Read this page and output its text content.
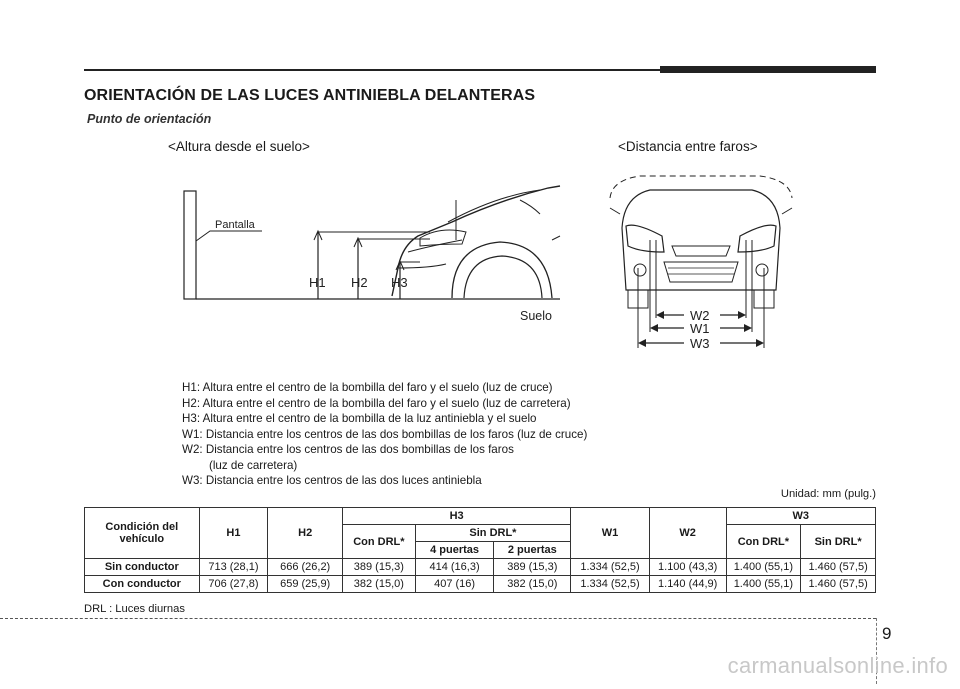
ORIENTACIÓN DE LAS LUCES ANTINIEBLA DELANTERAS
Punto de orientación
<Altura desde el suelo>	<Distancia entre faros>
Pantalla
H1 H2 H3
Suelo	W2
W1
W3
H1: Altura entre el centro de la bombilla del faro y el suelo (luz de cruce)
H2: Altura entre el centro de la bombilla del faro y el suelo (luz de carretera)
H3: Altura entre el centro de la bombilla de la luz antiniebla y el suelo
W1: Distancia entre los centros de las dos bombillas de los faros (luz de cruce)
W2: Distancia entre los centros de las dos bombillas de los faros
(luz de carretera)
W3: Distancia entre los centros de las dos luces antiniebla
Unidad: mm (pulg.)
Condición del vehículo	H1	H2	H3			W1	W2	W3	
			Con DRL*	Sin DRL*				Con DRL*	Sin DRL*
				4 puertas	2 puertas				
Sin conductor	713 (28,1)	666 (26,2)	389 (15,3)	414 (16,3)	389 (15,3)	1.334 (52,5)	1.100 (43,3)	1.400 (55,1)	1.460 (57,5)
Con conductor	706 (27,8)	659 (25,9)	382 (15,0)	407 (16)	382 (15,0)	1.334 (52,5)	1.140 (44,9)	1.400 (55,1)	1.460 (57,5)
DRL : Luces diurnas
9
carmanualsonline.info
